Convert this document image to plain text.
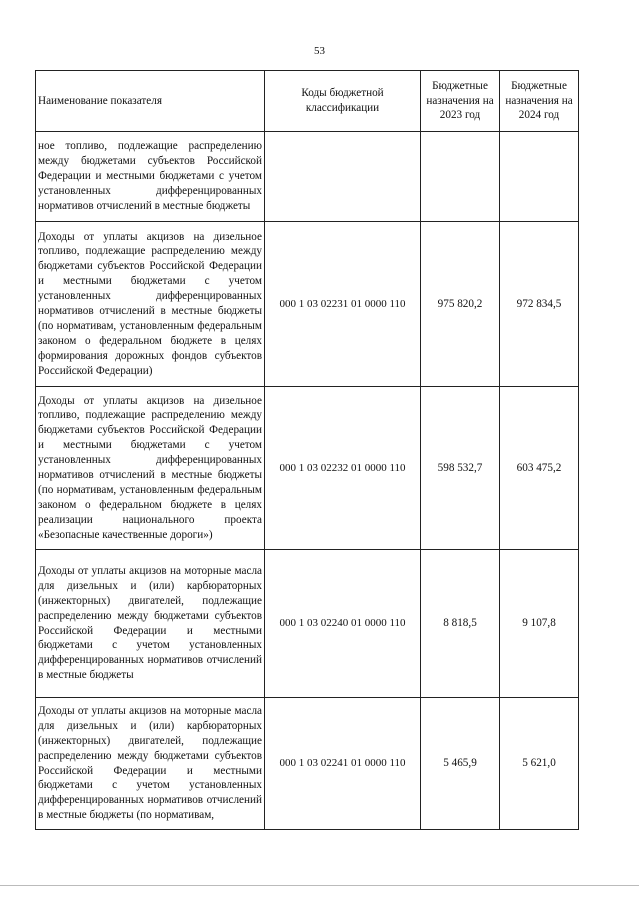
53
Наименование показателя	Коды бюджетной классификации	Бюджетные назначения на 2023 год	Бюджетные назначения на 2024 год
ное топливо, подлежащие распределению между бюджетами субъектов Российской Федерации и местными бюджетами с учетом установленных дифференцированных нормативов отчислений в местные бюджеты			
Доходы от уплаты акцизов на дизельное топливо, подлежащие распределению между бюджетами субъектов Российской Федерации и местными бюджетами с учетом установленных дифференцированных нормативов отчислений в местные бюджеты (по нормативам, установленным федеральным законом о федеральном бюджете в целях формирования дорожных фондов субъектов Российской Федерации)	000 1 03 02231 01 0000 110	975 820,2	972 834,5
Доходы от уплаты акцизов на дизельное топливо, подлежащие распределению между бюджетами субъектов Российской Федерации и местными бюджетами с учетом установленных дифференцированных нормативов отчислений в местные бюджеты (по нормативам, установленным федеральным законом о федеральном бюджете в целях реализации национального проекта «Безопасные качественные дороги»)	000 1 03 02232 01 0000 110	598 532,7	603 475,2
Доходы от уплаты акцизов на моторные масла для дизельных и (или) карбюраторных (инжекторных) двигателей, подлежащие распределению между бюджетами субъектов Российской Федерации и местными бюджетами с учетом установленных дифференцированных нормативов отчислений в местные бюджеты	000 1 03 02240 01 0000 110	8 818,5	9 107,8
Доходы от уплаты акцизов на моторные масла для дизельных и (или) карбюраторных (инжекторных) двигателей, подлежащие распределению между бюджетами субъектов Российской Федерации и местными бюджетами с учетом установленных дифференцированных нормативов отчислений в местные бюджеты (по нормативам,	000 1 03 02241 01 0000 110	5 465,9	5 621,0
